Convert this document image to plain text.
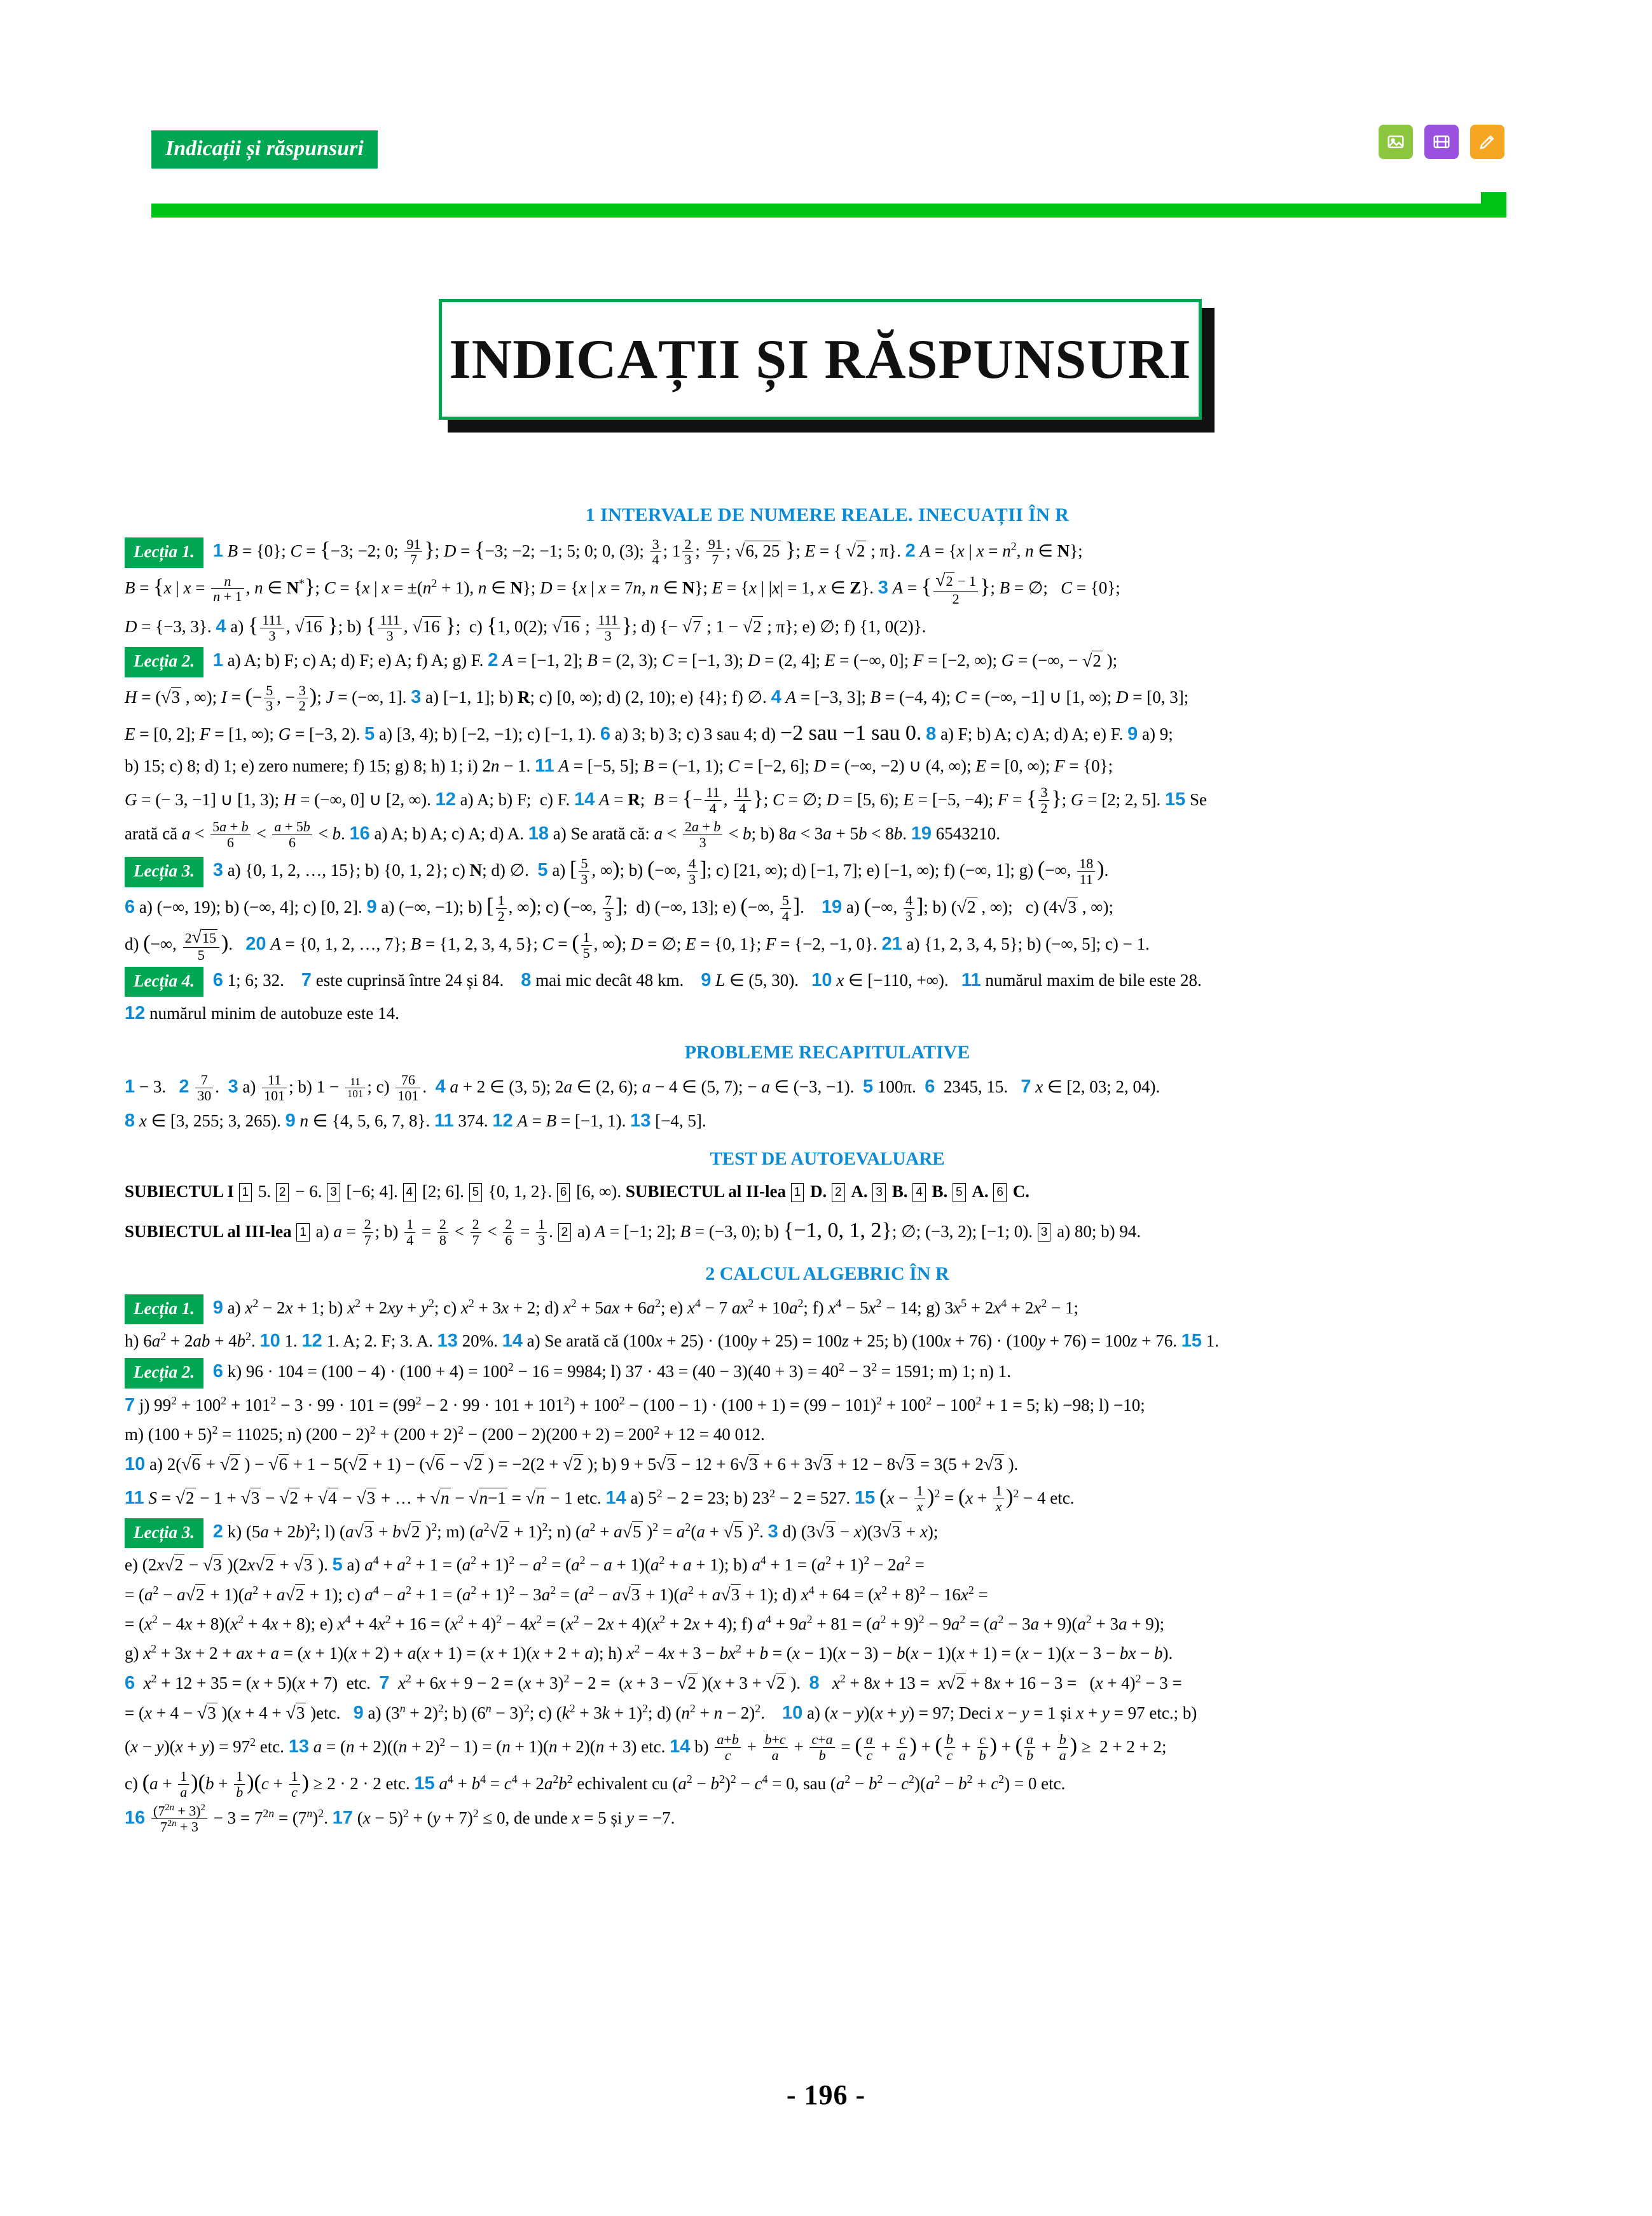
Indicații și răspunsuri
INDICAȚII ȘI RĂSPUNSURI
1 INTERVALE DE NUMERE REALE. INECUAȚII ÎN R

Lecția 1. 1 B = {0}; C = {−3; −2; 0; $\frac{91}{7}$ }; D = {−3; −2; −1; 5; 0; 0, (3); $\frac{3}{4}$ ; $1 \frac{2}{3}$ ; $\frac{91}{7}$ ; √6, 25 }; E = { √2 ; π}. 2 A = {x | $x = n^2$, n ∈ N};

B = {x | $x = \frac{n}{n + 1}$ , n ∈ N*}; C = {x | $x = \pm(n^2 + 1)$, n ∈ N}; D = {x | x = 7n, n ∈ N}; E = {x | |x| = 1, x ∈ Z}. 3 A = { $\frac{√2 - 1}{2}$ }; B = ∅;   C = {0};

D = {−3, 3}. 4 a) { $\frac{111}{3}$ , √16 }; b) { $\frac{111}{3}$ , √16 };  c) {1, 0(2); √16 ; $\frac{111}{3}$ }; d) {− √7 ; 1 − √2 ; π}; e) ∅; f) {1, 0(2)}.

Lecția 2. 1 a) A; b) F; c) A; d) F; e) A; f) A; g) F. 2 A = [−1, 2]; B = (2, 3); C = [−1, 3); D = (2, 4]; E = (−∞, 0]; F = [−2, ∞); G = (−∞, − √2 );

H = (√3 , ∞); I = (− $\frac{5}{3}$ , − $\frac{3}{2}$ ); J = (−∞, 1]. 3 a) [−1, 1]; b) R; c) [0, ∞); d) (2, 10); e) {4}; f) ∅. 4 A = [−3, 3]; B = (−4, 4); C = (−∞, −1] ∪ [1, ∞); D = [0, 3];

E = [0, 2]; F = [1, ∞); G = [−3, 2). 5 a) [3, 4); b) [−2, −1); c) [−1, 1). 6 a) 3; b) 3; c) 3 sau 4; d) −2 sau −1 sau 0. 8 a) F; b) A; c) A; d) A; e) F. 9 a) 9;

b) 15; c) 8; d) 1; e) zero numere; f) 15; g) 8; h) 1; i) 2n − 1. 11 A = [−5, 5]; B = (−1, 1); C = [−2, 6]; D = (−∞, −2) ∪ (4, ∞); E = [0, ∞); F = {0};

G = (− 3, −1] ∪ [1, 3); H = (−∞, 0] ∪ [2, ∞). 12 a) A; b) F;  c) F. 14 A = R;  B = {− $\frac{11}{4}$ , $\frac{11}{4}$ }; C = ∅; D = [5, 6); E = [−5, −4); F = { $\frac{3}{2}$ }; G = [2; 2, 5]. 15 Se

arată că $a < \frac{5a + b}{6} < \frac{a + 5b}{6} < b$. 16 a) A; b) A; c) A; d) A. 18 a) Se arată că: $a < \frac{2a + b}{3} < b$; b) 8a < 3a + 5b < 8b. 19 6543210.

Lecția 3. 3 a) {0, 1, 2, …, 15}; b) {0, 1, 2}; c) N; d) ∅.  5 a) [ $\frac{5}{3}$ , ∞); b) (−∞, $\frac{4}{3}$ ]; c) [21, ∞); d) [−1, 7]; e) [−1, ∞); f) (−∞, 1]; g) (−∞, $\frac{18}{11}$ ).

6 a) (−∞, 19); b) (−∞, 4]; c) [0, 2]. 9 a) (−∞, −1); b) [ $\frac{1}{2}$ , ∞); c) (−∞, $\frac{7}{3}$ ];  d) (−∞, 13]; e) (−∞, $\frac{5}{4}$ ].    19 a) (−∞, $\frac{4}{3}$ ]; b) (√2 , ∞);   c) (4√3 , ∞);

d) (−∞, $\frac{2√15}{5}$ ).   20 A = {0, 1, 2, …, 7}; B = {1, 2, 3, 4, 5}; C = ( $\frac{1}{5}$ , ∞); D = ∅; E = {0, 1}; F = {−2, −1, 0}. 21 a) {1, 2, 3, 4, 5}; b) (−∞, 5]; c) − 1.

Lecția 4. 6 1; 6; 32.    7 este cuprinsă între 24 și 84.    8 mai mic decât 48 km.    9 L ∈ (5, 30).   10 x ∈ [−110, +∞).   11 numărul maxim de bile este 28.

12 numărul minim de autobuze este 14.

PROBLEME RECAPITULATIVE

1 − 3.   $2 \frac{7}{30}$ .  3 $a) \frac{11}{101}$ ; b) $1 - \frac{11}{101}$ ; $c) \frac{76}{101}$ .  4 a + 2 ∈ (3, 5); 2a ∈ (2, 6); a − 4 ∈ (5, 7); − a ∈ (−3, −1).  5 100π.  6  2345, 15.   7 x ∈ [2, 03; 2, 04).

8 x ∈ [3, 255; 3, 265). 9 n ∈ {4, 5, 6, 7, 8}. 11 374. 12 A = B = [−1, 1). 13 [−4, 5].

TEST DE AUTOEVALUARE

SUBIECTUL I 1 5. 2 − 6. 3 [−6; 4]. 4 [2; 6]. 5 {0, 1, 2}. 6 [6, ∞). SUBIECTUL al II-lea 1 D. 2 A. 3 B. 4 B. 5 A. 6 C.

SUBIECTUL al III-lea 1 a) $a = \frac{2}{7}$ ; $b) \frac{1}{4} = \frac{2}{8} < \frac{2}{7} < \frac{2}{6} = \frac{1}{3}$ . 2 a) A = [−1; 2]; B = (−3, 0); b) {−1, 0, 1, 2}; ∅; (−3, 2); [−1; 0). 3 a) 80; b) 94.

2 CALCUL ALGEBRIC ÎN R

Lecția 1. 9 a) $x^2 - 2x + 1$; b) $x^2 + 2xy + y^2$; c) $x^2 + 3x + 2$; d) $x^2 + 5ax + 6a^2$; e) $x^4 - 7$ $ax^2 + 10a^2$; f) $x^4 - 5x^2 - 14$; g) $3x^5 + 2x^4 + 2x^2 - 1$;

h) $6a^2 + 2ab + 4b^2$. 10 1. 12 1. A; 2. F; 3. A. 13 20%. 14 a) Se arată că (100x + 25) · (100y + 25) = 100z + 25; b) (100x + 76) · (100y + 76) = 100z + 76. 15 1.

Lecția 2. 6 k) $96 \cdot 104 = (100 - 4) \cdot (100 + 4) = 100^2 - 16 = 9984$; l) $37 \cdot 43 = (40 - 3)(40 + 3) = 40^2 - 3^2 = 1591$; m) 1; n) 1.

7 j) $99^2 + 100^2 + 101^2 - 3 \cdot 99 \cdot 101 = (99^2 - 2 \cdot 99 \cdot 101 + 101^2) + 100^2 - (100 - 1) \cdot (100 + 1) = (99 - 101)^2 + 100^2 - 100^2 + 1 = 5$; k) −98; l) −10;

m) $(100 + 5)^2 = 11025$; n) $(200 - 2)^2 + (200 + 2)^2 - (200 - 2)(200 + 2) = 200^2 + 12 = 40$ 012.

10 a) 2(√6 + √2 ) − √6 + 1 − 5(√2 + 1) − (√6 − √2 ) = −2(2 + √2 ); b) 9 + 5√3 − 12 + 6√3 + 6 + 3√3 + 12 − 8√3 = 3(5 + 2√3 ).

11 S = √2 − 1 + √3 − √2 + √4 − √3 + … + √n − √n−1 = √n − 1 etc. 14 a) $5^2 - 2 = 23$; b) $23^2 - 2 = 527$. 15 $(x - \frac{1}{x} )^2 = (x + \frac{1}{x} )^2 - 4$ etc.

Lecția 3. 2 k) $(5a + 2b)^2$; l) (a√3 + b√2 )$^2$; m) $(a^2√2 + 1)^2$; n) ($a^2 + a√5$ )$^2 = a^2(a + √5$ )$^2$. 3 d) (3√3 − x)(3√3 + x);

e) (2x√2 − √3 )(2x√2 + √3 ). 5 a) $a^4 + a^2 + 1 = (a^2 + 1)^2 - a^2 = (a^2 - a + 1)(a^2 + a + 1)$; b) $a^4 + 1 = (a^2 + 1)^2 - 2a^2$ =

= $(a^2 - a√2 + 1)(a^2 + a√2 + 1)$; c) $a^4 - a^2 + 1 = (a^2 + 1)^2 - 3a^2 = (a^2 - a√3 + 1)(a^2 + a√3 + 1)$; d) $x^4 + 64 = (x^2 + 8)^2 - 16x^2$ =

= $(x^2 - 4x + 8)(x^2 + 4x + 8)$; e) $x^4 + 4x^2 + 16 = (x^2 + 4)^2 - 4x^2 = (x^2 - 2x + 4)(x^2 + 2x + 4)$; f) $a^4 + 9a^2 + 81 = (a^2 + 9)^2 - 9a^2 = (a^2 - 3a + 9)(a^2 + 3a + 9)$;

g) $x^2 + 3x + 2$ + ax + a = (x + 1)(x + 2) + a(x + 1) = (x + 1)(x + 2 + a); h) $x^2 - 4x + 3 - bx^2 + b = (x - 1)(x - 3) - b(x - 1)(x + 1) = (x - 1)(x - 3$ − bx − b).

6 $x^2 + 12 + 35 = (x + 5)(x + 7)$  etc.  7 $x^2 + 6x + 9 - 2 = (x + 3)^2 - 2 = (x + 3 - √2$ )(x + 3 + √2 ).  8 $x^2 + 8x + 13 = x√2 + 8x + 16 - 3 = (x + 4)^2 - 3$ =

= (x + 4 − √3 )(x + 4 + √3 )etc.   9 a) $(3^n + 2)^2$; b) $(6^n - 3)^2$; c) $(k^2 + 3k + 1)^2$; d) $(n^2 + n - 2)^2$.    10 a) (x − y)(x + y) = 97; Deci x − y = 1 și x + y = 97 etc.; b)

$(x - y)(x + y) = 97^2$ etc. 13 $a = (n + 2)((n + 2)^2 - 1) = (n + 1)(n + 2)(n + 3)$ etc. 14 $b) \frac{a+b}{c} + \frac{b+c}{a} + \frac{c+a}{b}$ = ( $\frac{a}{c} + \frac{c}{a}$ ) + ( $\frac{b}{c} + \frac{c}{b}$ ) + ( $\frac{a}{b} + \frac{b}{a}$ ) ≥  2 + 2 + 2;

c) $(a + \frac{1}{a} )(b + \frac{1}{b} )(c + \frac{1}{c}$ ) ≥ 2 · 2 · 2 etc. 15 $a^4 + b^4 = c^4 + 2a^2b^2$ echivalent cu $(a^2 - b^2)^2 - c^4 = 0$, sau $(a^2 - b^2 - c^2)(a^2 - b^2 + c^2) = 0$ etc.

$16 \frac{(7^{2n} + 3)^2}{7^{2n} + 3} - 3 = 7^{2n} = (7^n)^2$. 17 $(x - 5)^2 + (y + 7)^2 \le 0$, de unde x = 5 și y = −7.

- 196 -
